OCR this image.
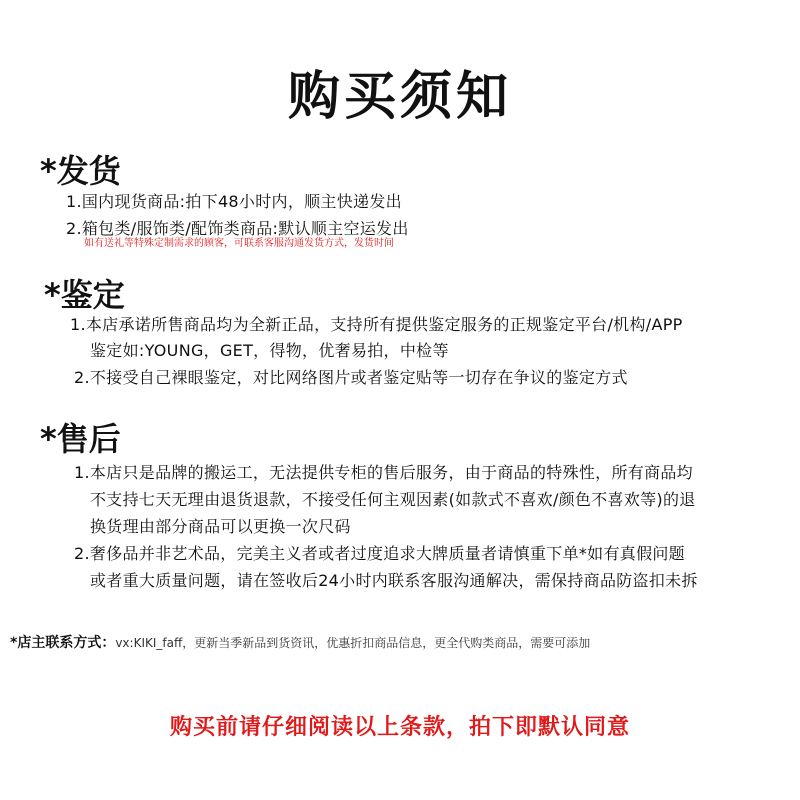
购买须知
*发货
1.国内现货商品:拍下48小时内，顺主快递发出
2.箱包类/服饰类/配饰类商品:默认顺主空运发出
如有送礼等特殊定制需求的顾客，可联系客服沟通发货方式，发货时间
*鉴定
1.本店承诺所售商品均为全新正品，支持所有提供鉴定服务的正规鉴定平台/机构/APP
鉴定如:YOUNG，GET，得物，优奢易拍，中检等
2.不接受自己裸眼鉴定，对比网络图片或者鉴定贴等一切存在争议的鉴定方式
*售后
1.本店只是品牌的搬运工，无法提供专柜的售后服务，由于商品的特殊性，所有商品均
不支持七天无理由退货退款，不接受任何主观因素(如款式不喜欢/颜色不喜欢等)的退
换货理由部分商品可以更换一次尺码
2.奢侈品并非艺术品，完美主义者或者过度追求大牌质量者请慎重下单*如有真假问题
或者重大质量问题，请在签收后24小时内联系客服沟通解决，需保持商品防盗扣未拆
*店主联系方式：vx:KIKI_faff，更新当季新品到货资讯，优惠折扣商品信息，更全代购类商品，需要可添加
购买前请仔细阅读以上条款，拍下即默认同意
